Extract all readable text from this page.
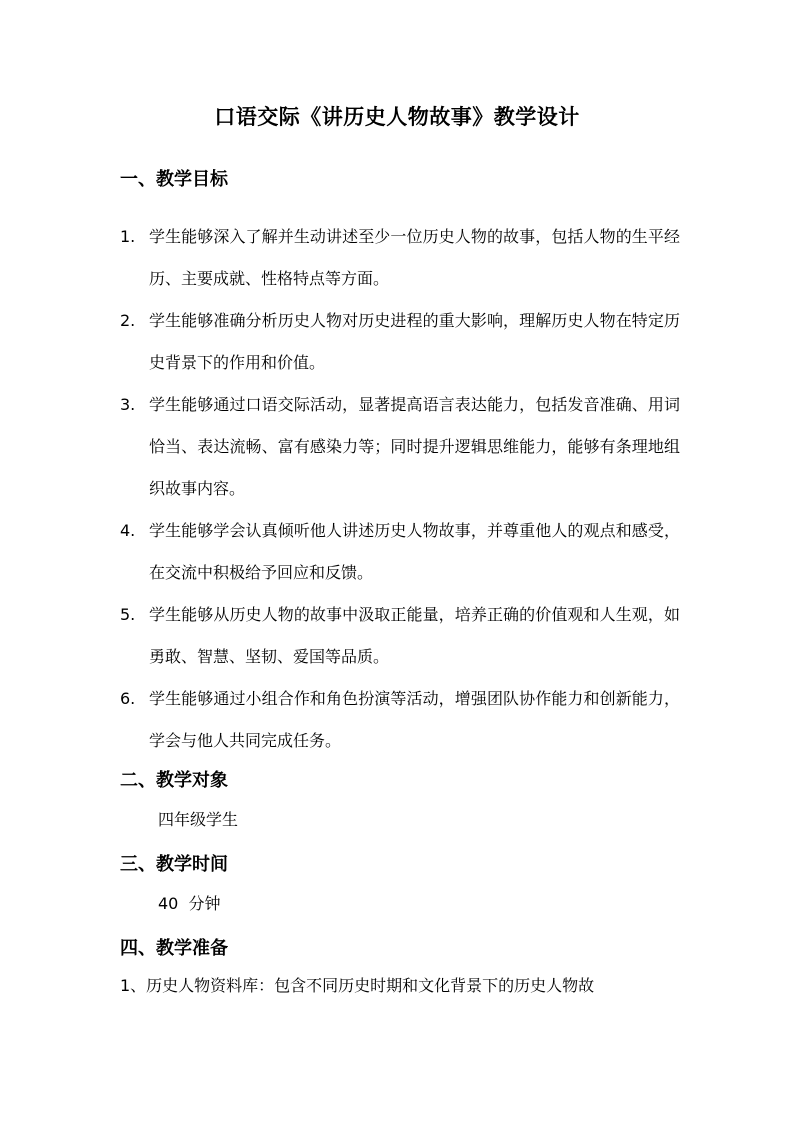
口语交际《讲历史人物故事》教学设计
一、教学目标
1. 学生能够深入了解并生动讲述至少一位历史人物的故事，包括人物的生平经历、主要成就、性格特点等方面。
2. 学生能够准确分析历史人物对历史进程的重大影响，理解历史人物在特定历史背景下的作用和价值。
3. 学生能够通过口语交际活动，显著提高语言表达能力，包括发音准确、用词恰当、表达流畅、富有感染力等；同时提升逻辑思维能力，能够有条理地组织故事内容。
4. 学生能够学会认真倾听他人讲述历史人物故事，并尊重他人的观点和感受，在交流中积极给予回应和反馈。
5. 学生能够从历史人物的故事中汲取正能量，培养正确的价值观和人生观，如勇敢、智慧、坚韧、爱国等品质。
6. 学生能够通过小组合作和角色扮演等活动，增强团队协作能力和创新能力，学会与他人共同完成任务。
二、教学对象
四年级学生
三、教学时间
40  分钟
四、教学准备
1、历史人物资料库：包含不同历史时期和文化背景下的历史人物故
